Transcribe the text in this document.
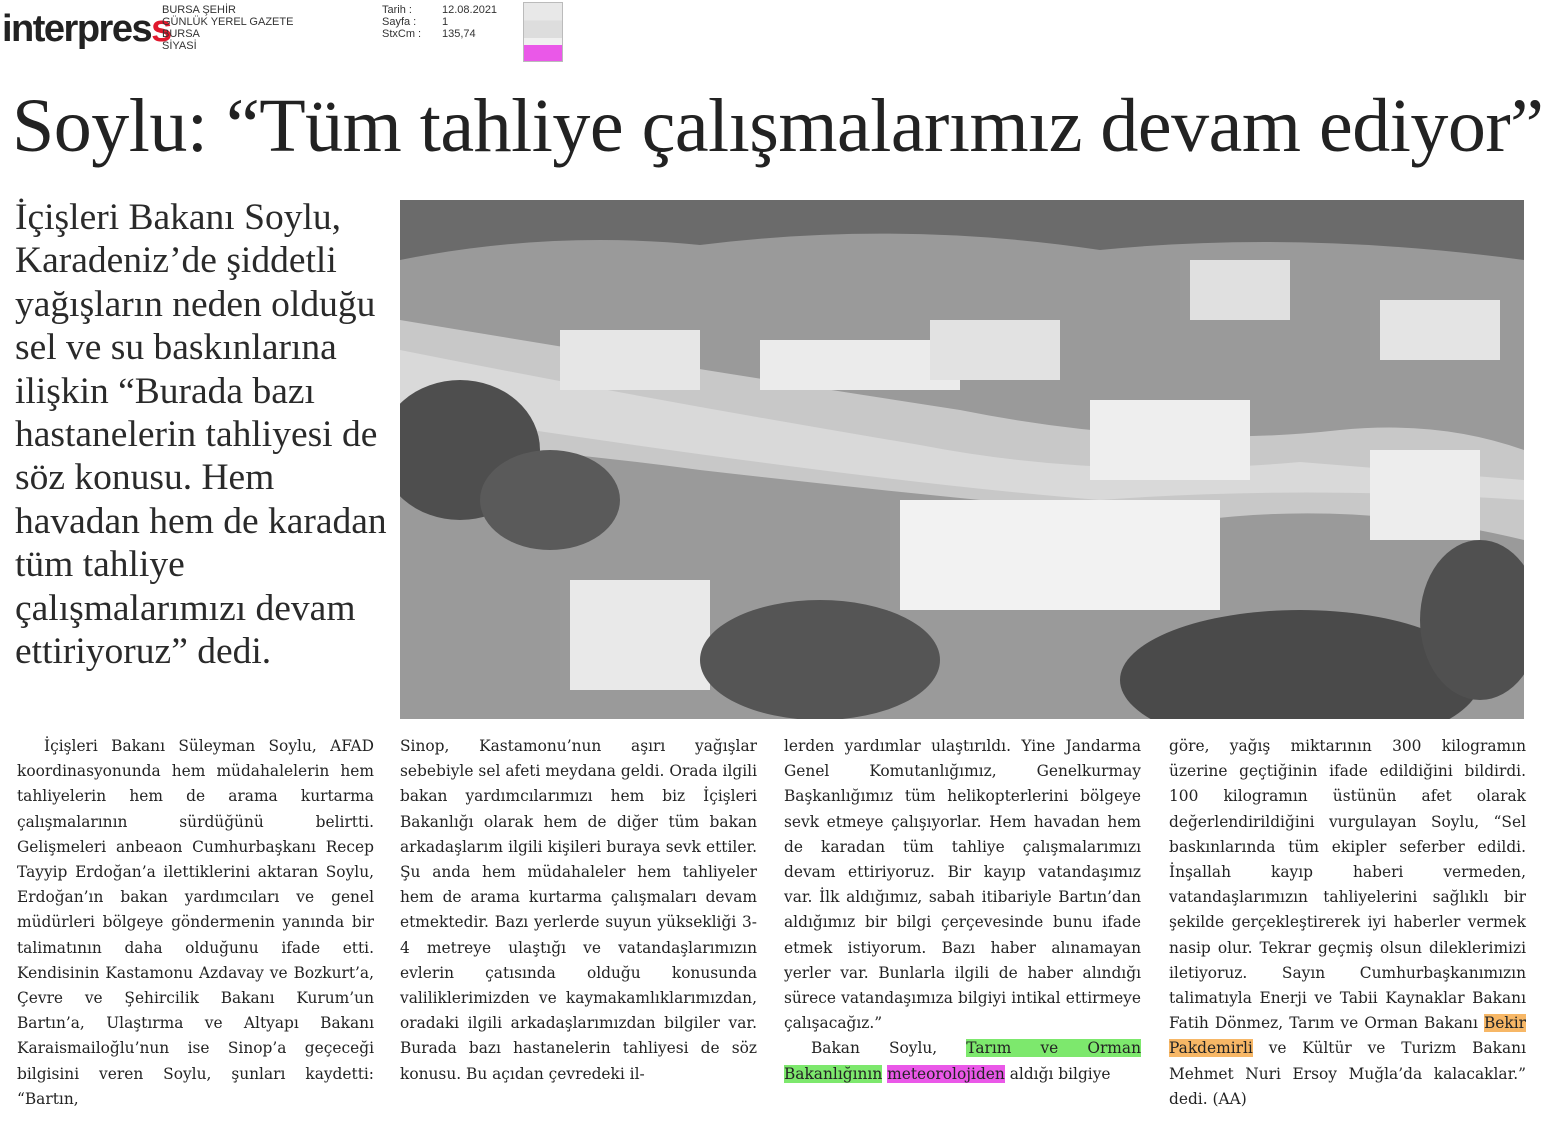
interpress
BURSA ŞEHİR
GÜNLÜK YEREL GAZETE
BURSA
SİYASİ
Tarih :	12.08.2021
Sayfa :	1
StxCm :	135,74
Soylu: “Tüm tahliye çalışmalarımız devam ediyor”
İçişleri Bakanı Soylu, Karadeniz’de şiddetli yağışların neden olduğu sel ve su baskınlarına ilişkin “Burada bazı hastanelerin tahliyesi de söz konusu. Hem havadan hem de karadan tüm tahliye çalışmalarımızı devam ettiriyoruz” dedi.

İçişleri Bakanı Süleyman Soylu, AFAD koordinasyonunda hem müdahalelerin hem tahliyelerin hem de arama kurtarma çalışmalarının sürdüğünü belirtti. Gelişmeleri anbeaon Cumhurbaşkanı Recep Tayyip Erdoğan’a ilettiklerini aktaran Soylu, Erdoğan’ın bakan yardımcıları ve genel müdürleri bölgeye göndermenin yanında bir talimatının daha olduğunu ifade etti. Kendisinin Kastamonu Azdavay ve Bozkurt’a, Çevre ve Şehircilik Bakanı Kurum’un Bartın’a, Ulaştırma ve Altyapı Bakanı Karaismailoğlu’nun ise Sinop’a geçeceği bilgisini veren Soylu, şunları kaydetti: “Bartın,

Sinop, Kastamonu’nun aşırı yağışlar sebebiyle sel afeti meydana geldi. Orada ilgili bakan yardımcılarımızı hem biz İçişleri Bakanlığı olarak hem de diğer tüm bakan arkadaşlarım ilgili kişileri buraya sevk ettiler. Şu anda hem müdahaleler hem tahliyeler hem de arama kurtarma çalışmaları devam etmektedir. Bazı yerlerde suyun yüksekliği 3-4 metreye ulaştığı ve vatandaşlarımızın evlerin çatısında olduğu konusunda valiliklerimizden ve kaymakamlıklarımızdan, oradaki ilgili arkadaşlarımızdan bilgiler var. Burada bazı hastanelerin tahliyesi de söz konusu. Bu açıdan çevredeki il-

lerden yardımlar ulaştırıldı. Yine Jandarma Genel Komutanlığımız, Genelkurmay Başkanlığımız tüm helikopterlerini bölgeye sevk etmeye çalışıyorlar. Hem havadan hem de karadan tüm tahliye çalışmalarımızı devam ettiriyoruz. Bir kayıp vatandaşımız var. İlk aldığımız, sabah itibariyle Bartın’dan aldığımız bir bilgi çerçevesinde bunu ifade etmek istiyorum. Bazı haber alınamayan yerler var. Bunlarla ilgili de haber alındığı sürece vatandaşımıza bilgiyi intikal ettirmeye çalışacağız.”

Bakan Soylu, Tarım ve Orman Bakanlığının meteorolojiden aldığı bilgiye

göre, yağış miktarının 300 kilogramın üzerine geçtiğinin ifade edildiğini bildirdi. 100 kilogramın üstünün afet olarak değerlendirildiğini vurgulayan Soylu, “Sel baskınlarında tüm ekipler seferber edildi. İnşallah kayıp haberi vermeden, vatandaşlarımızın tahliyelerini sağlıklı bir şekilde gerçekleştirerek iyi haberler vermek nasip olur. Tekrar geçmiş olsun dileklerimizi iletiyoruz. Sayın Cumhurbaşkanımızın talimatıyla Enerji ve Tabii Kaynaklar Bakanı Fatih Dönmez, Tarım ve Orman Bakanı Bekir Pakdemirli ve Kültür ve Turizm Bakanı Mehmet Nuri Ersoy Muğla’da kalacaklar.” dedi. (AA)
